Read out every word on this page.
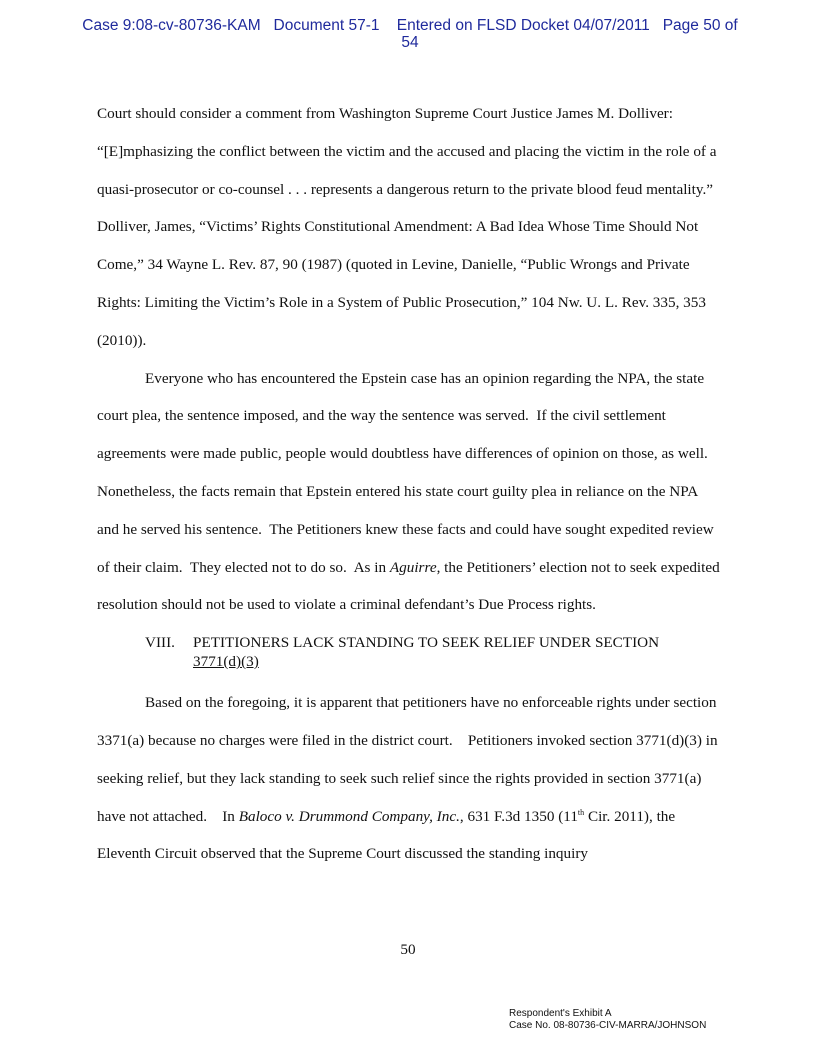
Case 9:08-cv-80736-KAM   Document 57-1    Entered on FLSD Docket 04/07/2011   Page 50 of
54

Court should consider a comment from Washington Supreme Court Justice James M. Dolliver: “[E]mphasizing the conflict between the victim and the accused and placing the victim in the role of a quasi-prosecutor or co-counsel . . . represents a dangerous return to the private blood feud mentality.” Dolliver, James, “Victims’ Rights Constitutional Amendment: A Bad Idea Whose Time Should Not Come,” 34 Wayne L. Rev. 87, 90 (1987) (quoted in Levine, Danielle, “Public Wrongs and Private Rights: Limiting the Victim’s Role in a System of Public Prosecution,” 104 Nw. U. L. Rev. 335, 353 (2010)).

Everyone who has encountered the Epstein case has an opinion regarding the NPA, the state court plea, the sentence imposed, and the way the sentence was served.  If the civil settlement agreements were made public, people would doubtless have differences of opinion on those, as well.  Nonetheless, the facts remain that Epstein entered his state court guilty plea in reliance on the NPA and he served his sentence.  The Petitioners knew these facts and could have sought expedited review of their claim.  They elected not to do so.  As in Aguirre, the Petitioners’ election not to seek expedited resolution should not be used to violate a criminal defendant’s Due Process rights.

VIII. PETITIONERS LACK STANDING TO SEEK RELIEF UNDER SECTION
3771(d)(3)

Based on the foregoing, it is apparent that petitioners have no enforceable rights under section 3371(a) because no charges were filed in the district court.    Petitioners invoked section 3771(d)(3) in seeking relief, but they lack standing to seek such relief since the rights provided in section 3771(a) have not attached.    In Baloco v. Drummond Company, Inc., 631 F.3d 1350 (11th Cir. 2011), the Eleventh Circuit observed that the Supreme Court discussed the standing inquiry

50
Respondent's Exhibit A
Case No. 08-80736-CIV-MARRA/JOHNSON
